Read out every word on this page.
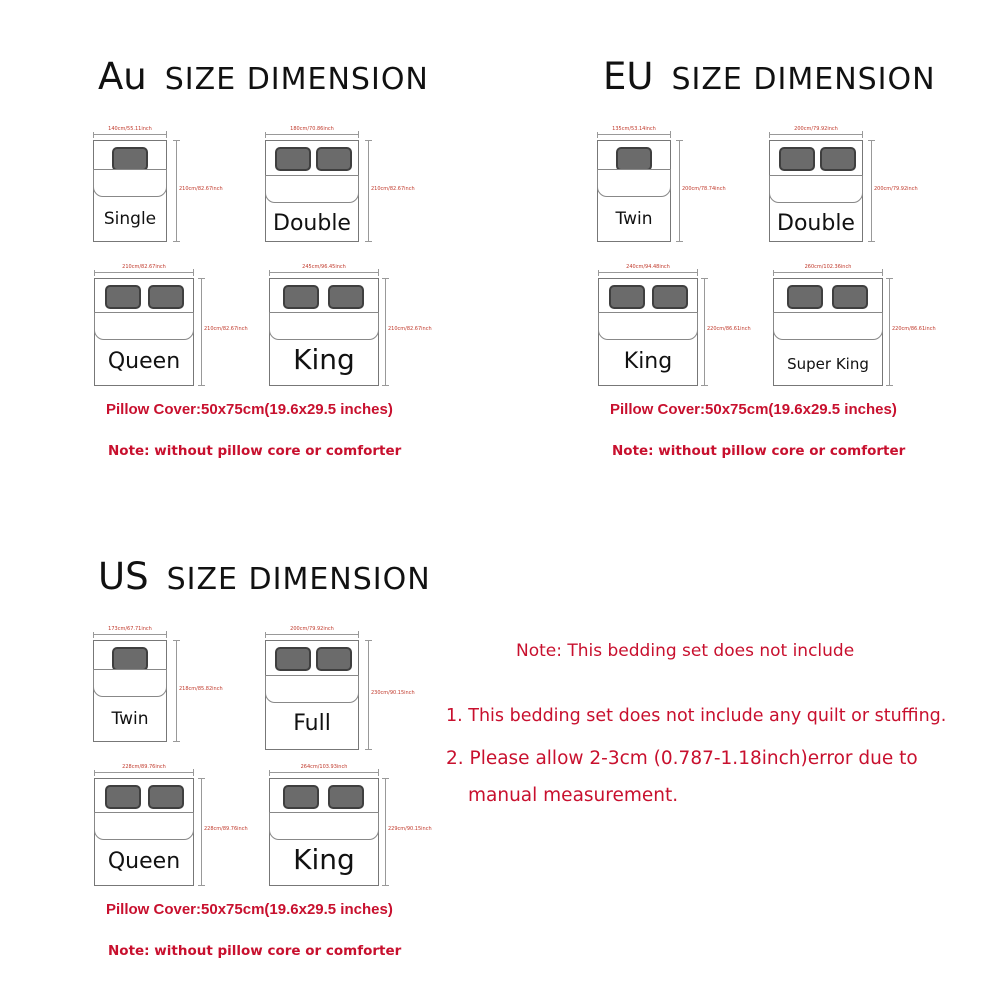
Au SIZE DIMENSION
140cm/55.11inch
210cm/82.67inch
Single
180cm/70.86inch
210cm/82.67inch
Double
210cm/82.67inch
210cm/82.67inch
Queen
245cm/96.45inch
210cm/82.67inch
King
Pillow Cover:50x75cm(19.6x29.5 inches)
Note: without pillow core or comforter
EU SIZE DIMENSION
135cm/53.14inch
200cm/78.74inch
Twin
200cm/79.92inch
200cm/79.92inch
Double
240cm/94.48inch
220cm/86.61inch
King
260cm/102.36inch
220cm/86.61inch
Super King
Pillow Cover:50x75cm(19.6x29.5 inches)
Note: without pillow core or comforter
US SIZE DIMENSION
173cm/67.71inch
218cm/85.82inch
Twin
200cm/79.92inch
230cm/90.15inch
Full
228cm/89.76inch
228cm/89.76inch
Queen
264cm/103.93inch
229cm/90.15inch
King
Pillow Cover:50x75cm(19.6x29.5 inches)
Note: without pillow core or comforter
Note: This bedding set does not include
1. This bedding set does not include any quilt or stuffing.
2. Please allow 2-3cm (0.787-1.18inch)error due to
manual measurement.
